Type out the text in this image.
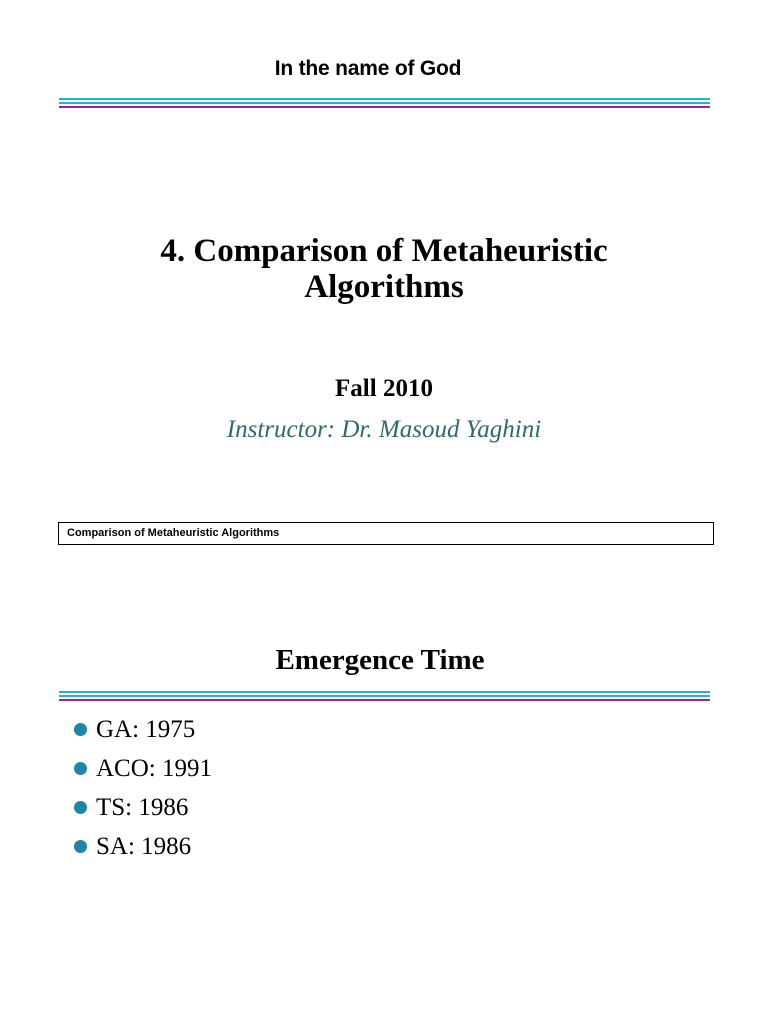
In the name of God
4. Comparison of Metaheuristic
Algorithms
Fall 2010
Instructor: Dr. Masoud Yaghini
Comparison of Metaheuristic Algorithms
Emergence Time
GA: 1975
ACO: 1991
TS: 1986
SA: 1986
